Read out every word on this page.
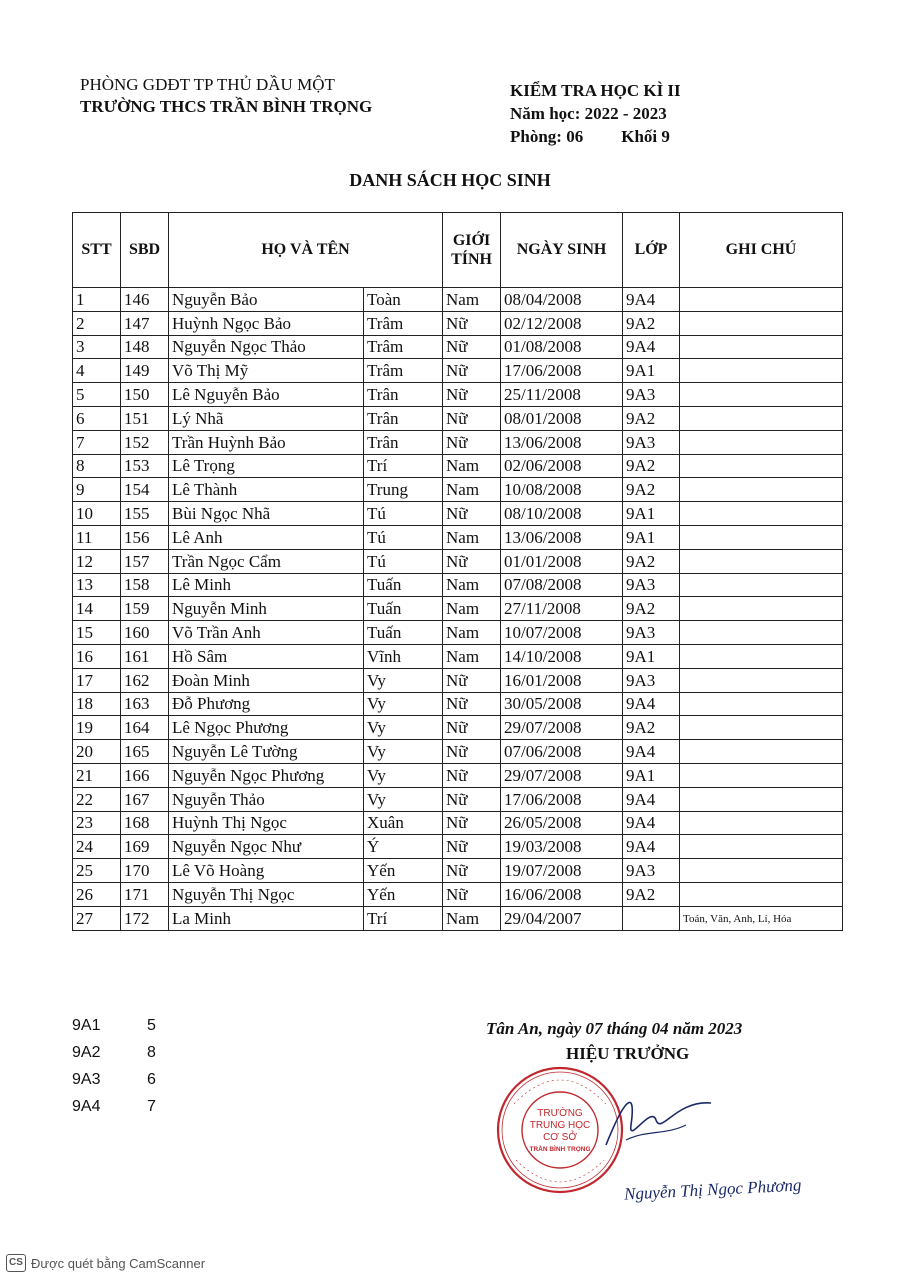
PHÒNG GDĐT TP THỦ DẦU MỘT
TRƯỜNG THCS TRẦN BÌNH TRỌNG
KIỂM TRA HỌC KÌ II
Năm học: 2022 - 2023
Phòng: 06 Khối 9
DANH SÁCH HỌC SINH
STT	SBD	HỌ VÀ TÊN		GIỚI
TÍNH	NGÀY SINH	LỚP	GHI CHÚ
1	146	Nguyễn Bảo	Toàn	Nam	08/04/2008	9A4	
2	147	Huỳnh Ngọc Bảo	Trâm	Nữ	02/12/2008	9A2	
3	148	Nguyễn Ngọc Thảo	Trâm	Nữ	01/08/2008	9A4	
4	149	Võ Thị Mỹ	Trâm	Nữ	17/06/2008	9A1	
5	150	Lê Nguyễn Bảo	Trân	Nữ	25/11/2008	9A3	
6	151	Lý Nhã	Trân	Nữ	08/01/2008	9A2	
7	152	Trần Huỳnh Bảo	Trân	Nữ	13/06/2008	9A3	
8	153	Lê Trọng	Trí	Nam	02/06/2008	9A2	
9	154	Lê Thành	Trung	Nam	10/08/2008	9A2	
10	155	Bùi Ngọc Nhã	Tú	Nữ	08/10/2008	9A1	
11	156	Lê Anh	Tú	Nam	13/06/2008	9A1	
12	157	Trần Ngọc Cẩm	Tú	Nữ	01/01/2008	9A2	
13	158	Lê Minh	Tuấn	Nam	07/08/2008	9A3	
14	159	Nguyễn Minh	Tuấn	Nam	27/11/2008	9A2	
15	160	Võ Trần Anh	Tuấn	Nam	10/07/2008	9A3	
16	161	Hồ Sâm	Vĩnh	Nam	14/10/2008	9A1	
17	162	Đoàn Minh	Vy	Nữ	16/01/2008	9A3	
18	163	Đỗ Phương	Vy	Nữ	30/05/2008	9A4	
19	164	Lê Ngọc Phương	Vy	Nữ	29/07/2008	9A2	
20	165	Nguyễn Lê Tường	Vy	Nữ	07/06/2008	9A4	
21	166	Nguyễn Ngọc Phương	Vy	Nữ	29/07/2008	9A1	
22	167	Nguyễn Thảo	Vy	Nữ	17/06/2008	9A4	
23	168	Huỳnh Thị Ngọc	Xuân	Nữ	26/05/2008	9A4	
24	169	Nguyễn Ngọc Như	Ý	Nữ	19/03/2008	9A4	
25	170	Lê Võ Hoàng	Yến	Nữ	19/07/2008	9A3	
26	171	Nguyễn Thị Ngọc	Yến	Nữ	16/06/2008	9A2	
27	172	La Minh	Trí	Nam	29/04/2007		Toán, Văn, Anh, Lí, Hóa
9A1	5
9A2	8
9A3	6
9A4	7
Tân An, ngày 07 tháng 04 năm 2023
HIỆU TRƯỞNG
TRƯỜNG
TRUNG HỌC
CƠ SỞ
TRẦN BÌNH TRỌNG
Nguyễn Thị Ngọc Phương
CS Được quét bằng CamScanner
